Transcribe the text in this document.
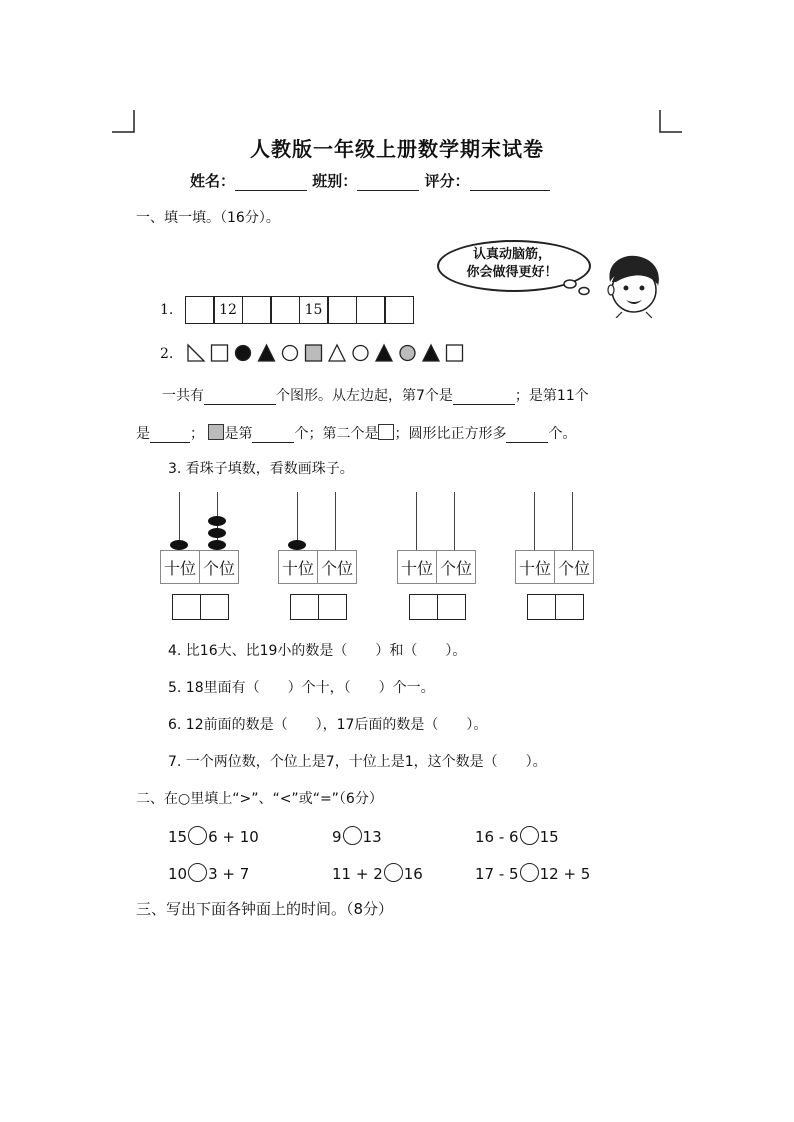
人教版一年级上册数学期末试卷
姓名：	班别：	评分：
一、填一填。（16分）。
认真动脑筋，
你会做得更好！
1.	12	15
2.
一共有	个图形。从左边起，第7个是	；是第11个
是	； 是第	个；第二个是 ；圆形比正方形多	个。
3. 看珠子填数，看数画珠子。
十位 个位	十位 个位	十位 个位	十位 个位
4. 比16大、比19小的数是（　　）和（　　）。
5. 18里面有（　　）个十，（　　）个一。
6. 12前面的数是（　　），17后面的数是（　　）。
7. 一个两位数，个位上是7，十位上是1，这个数是（　　）。
二、在○里填上“>”、“<”或“=”（6分）
15 6 + 10	9 13	16 - 6 15
10 3 + 7	11 + 2 16	17 - 5 12 + 5
三、写出下面各钟面上的时间。（8分）
